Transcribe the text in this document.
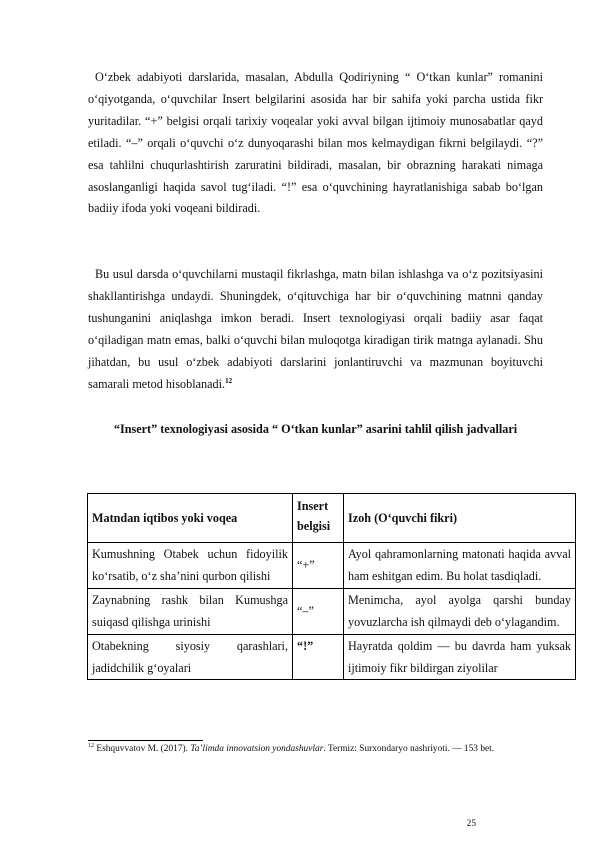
O‘zbek adabiyoti darslarida, masalan, Abdulla Qodiriyning “ O‘tkan kunlar” romanini o‘qiyotganda, o‘quvchilar Insert belgilarini asosida har bir sahifa yoki parcha ustida fikr yuritadilar. “+” belgisi orqali tarixiy voqealar yoki avval bilgan ijtimoiy munosabatlar qayd etiladi. “–” orqali o‘quvchi o‘z dunyoqarashi bilan mos kelmaydigan fikrni belgilaydi. “?” esa tahlilni chuqurlashtirish zaruratini bildiradi, masalan, bir obrazning harakati nimaga asoslanganligi haqida savol tug‘iladi. “!” esa o‘quvchining hayratlanishiga sabab bo‘lgan badiiy ifoda yoki voqeani bildiradi.

Bu usul darsda o‘quvchilarni mustaqil fikrlashga, matn bilan ishlashga va o‘z pozitsiyasini shakllantirishga undaydi. Shuningdek, o‘qituvchiga har bir o‘quvchining matnni qanday tushunganini aniqlashga imkon beradi. Insert texnologiyasi orqali badiiy asar faqat o‘qiladigan matn emas, balki o‘quvchi bilan muloqotga kiradigan tirik matnga aylanadi. Shu jihatdan, bu usul o‘zbek adabiyoti darslarini jonlantiruvchi va mazmunan boyituvchi samarali metod hisoblanadi.$^{12}$

“Insert” texnologiyasi asosida “ O‘tkan kunlar” asarini tahlil qilish jadvallari

Matndan iqtibos yoki voqea	Insert belgisi	Izoh (O‘quvchi fikri)
Kumushning Otabek uchun fidoyilik ko‘rsatib, o‘z sha’nini qurbon qilishi	“+”	Ayol qahramonlarning matonati haqida avval ham eshitgan edim. Bu holat tasdiqladi.
Zaynabning rashk bilan Kumushga suiqasd qilishga urinishi	“–”	Menimcha, ayol ayolga qarshi bunday yovuzlarcha ish qilmaydi deb o‘ylagandim.
Otabekning siyosiy qarashlari, jadidchilik g‘oyalari	“!”	Hayratda qoldim — bu davrda ham yuksak ijtimoiy fikr bildirgan ziyolilar

$^{12}$ Eshquvvatov M. (2017). Ta’limda innovatsion yondashuvlar. Termiz: Surxondaryo nashriyoti. — 153 bet.

25
